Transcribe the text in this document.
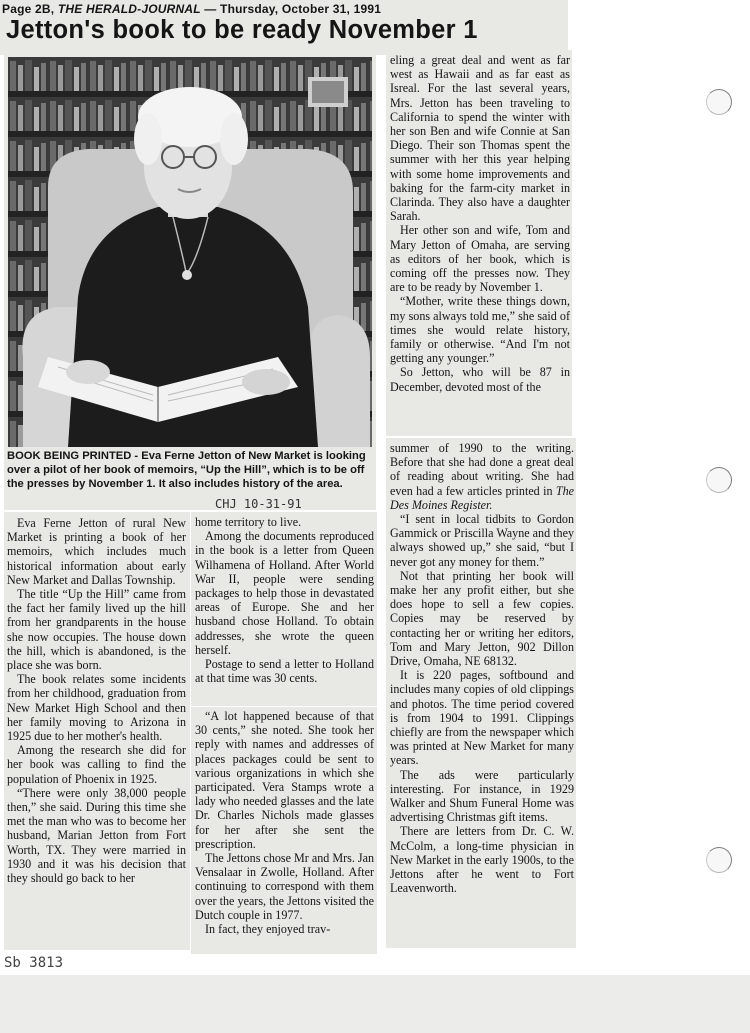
Page 2B, THE HERALD-JOURNAL — Thursday, October 31, 1991
Jetton's book to be ready November 1
BOOK BEING PRINTED - Eva Ferne Jetton of New Market is looking over a pilot of her book of memoirs, “Up the Hill”, which is to be off the presses by November 1. It also includes history of the area.
CHJ 10-31-91

Eva Ferne Jetton of rural New Market is printing a book of her memoirs, which includes much historical information about early New Market and Dallas Township.

The title “Up the Hill” came from the fact her family lived up the hill from her grandparents in the house she now occupies. The house down the hill, which is abandoned, is the place she was born.

The book relates some incidents from her childhood, graduation from New Market High School and then her family moving to Arizona in 1925 due to her mother's health.

Among the research she did for her book was calling to find the population of Phoenix in 1925.

“There were only 38,000 people then,” she said. During this time she met the man who was to become her husband, Marian Jetton from Fort Worth, TX. They were married in 1930 and it was his decision that they should go back to her

home territory to live.

Among the documents reproduced in the book is a letter from Queen Wilhamena of Holland. After World War II, people were sending packages to help those in devastated areas of Europe. She and her husband chose Holland. To obtain addresses, she wrote the queen herself.

Postage to send a letter to Holland at that time was 30 cents.

“A lot happened because of that 30 cents,” she noted. She took her reply with names and addresses of places packages could be sent to various organizations in which she participated. Vera Stamps wrote a lady who needed glasses and the late Dr. Charles Nichols made glasses for her after she sent the prescription.

The Jettons chose Mr and Mrs. Jan Vensalaar in Zwolle, Holland. After continuing to correspond with them over the years, the Jettons visited the Dutch couple in 1977.

In fact, they enjoyed trav-

eling a great deal and went as far west as Hawaii and as far east as Isreal. For the last several years, Mrs. Jetton has been traveling to California to spend the winter with her son Ben and wife Connie at San Diego. Their son Thomas spent the summer with her this year helping with some home improvements and baking for the farm-city market in Clarinda. They also have a daughter Sarah.

Her other son and wife, Tom and Mary Jetton of Omaha, are serving as editors of her book, which is coming off the presses now. They are to be ready by November 1.

“Mother, write these things down, my sons always told me,” she said of times she would relate history, family or otherwise. “And I'm not getting any younger.”

So Jetton, who will be 87 in December, devoted most of the

summer of 1990 to the writing. Before that she had done a great deal of reading about writing. She had even had a few articles printed in The Des Moines Register.

“I sent in local tidbits to Gordon Gammick or Priscilla Wayne and they always showed up,” she said, “but I never got any money for them.”

Not that printing her book will make her any profit either, but she does hope to sell a few copies. Copies may be reserved by contacting her or writing her editors, Tom and Mary Jetton, 902 Dillon Drive, Omaha, NE 68132.

It is 220 pages, softbound and includes many copies of old clippings and photos. The time period covered is from 1904 to 1991. Clippings chiefly are from the newspaper which was printed at New Market for many years.

The ads were particularly interesting. For instance, in 1929 Walker and Shum Funeral Home was advertising Christmas gift items.

There are letters from Dr. C. W. McColm, a long-time physician in New Market in the early 1900s, to the Jettons after he went to Fort Leavenworth.

Sb 3813
